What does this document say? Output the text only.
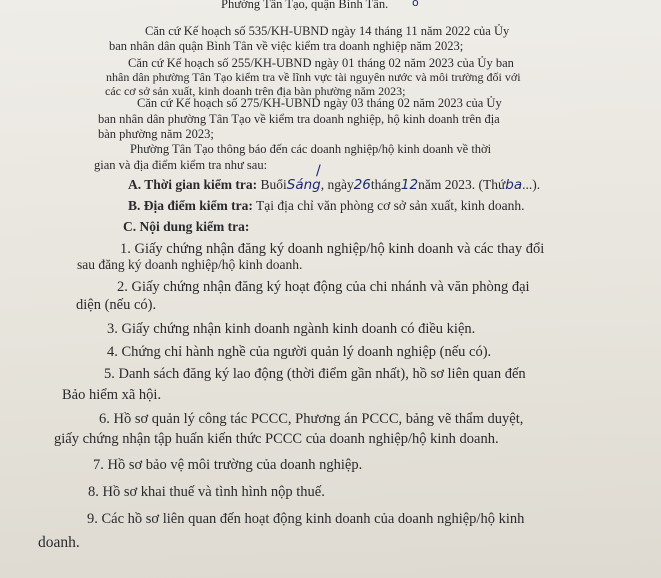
Phường Tân Tạo, quận Bình Tân. o
Căn cứ Kế hoạch số 535/KH-UBND ngày 14 tháng 11 năm 2022 của Ủy
ban nhân dân quận Bình Tân về việc kiểm tra doanh nghiệp năm 2023;
Căn cứ Kế hoạch số 255/KH-UBND ngày 01 tháng 02 năm 2023 của Ủy ban
nhân dân phường Tân Tạo kiểm tra về lĩnh vực tài nguyên nước và môi trường đối với
các cơ sở sản xuất, kinh doanh trên địa bàn phường năm 2023;
Căn cứ Kế hoạch số 275/KH-UBND ngày 03 tháng 02 năm 2023 của Ủy
ban nhân dân phường Tân Tạo về kiểm tra doanh nghiệp, hộ kinh doanh trên địa
bàn phường năm 2023;
Phường Tân Tạo thông báo đến các doanh nghiệp/hộ kinh doanh về thời
gian và địa điểm kiểm tra như sau:
A. Thời gian kiểm tra: BuổiSáng, ngày26tháng12năm 2023. (Thứba...).
/
B. Địa điểm kiểm tra: Tại địa chỉ văn phòng cơ sở sản xuất, kinh doanh.
C. Nội dung kiểm tra:
1. Giấy chứng nhận đăng ký doanh nghiệp/hộ kinh doanh và các thay đổi
sau đăng ký doanh nghiệp/hộ kinh doanh.
2. Giấy chứng nhận đăng ký hoạt động của chi nhánh và văn phòng đại
diện (nếu có).
3. Giấy chứng nhận kinh doanh ngành kinh doanh có điều kiện.
4. Chứng chỉ hành nghề của người quản lý doanh nghiệp (nếu có).
5. Danh sách đăng ký lao động (thời điểm gần nhất), hồ sơ liên quan đến
Bảo hiểm xã hội.
6. Hồ sơ quản lý công tác PCCC, Phương án PCCC, bảng vẽ thẩm duyệt,
giấy chứng nhận tập huấn kiến thức PCCC của doanh nghiệp/hộ kinh doanh.
7. Hồ sơ bảo vệ môi trường của doanh nghiệp.
8. Hồ sơ khai thuế và tình hình nộp thuế.
9. Các hồ sơ liên quan đến hoạt động kinh doanh của doanh nghiệp/hộ kinh
doanh.
